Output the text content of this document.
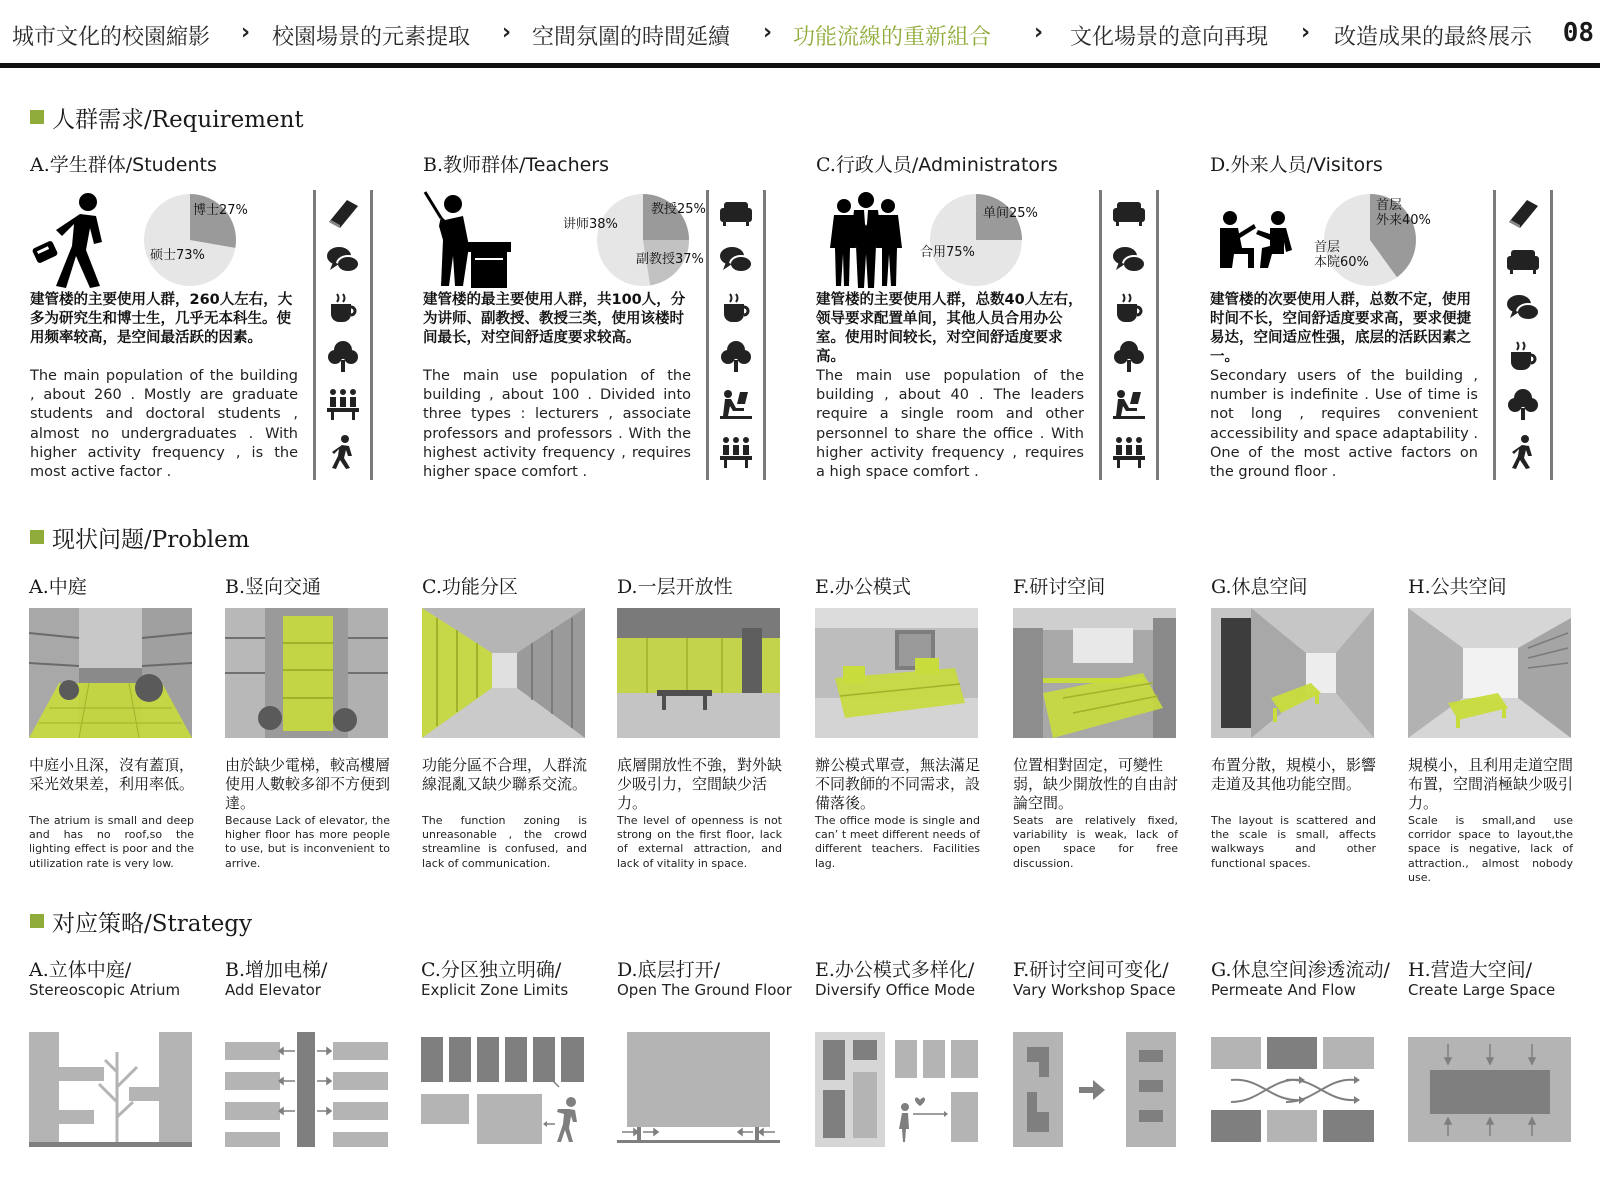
城市文化的校園縮影 › 校園場景的元素提取 › 空間氛圍的時間延續 › 功能流線的重新組合 › 文化場景的意向再現 › 改造成果的最終展示 08
人群需求/Requirement
A.学生群体/Students
博士27%
硕士73%
建管楼的主要使用人群，260人左右，大多为研究生和博士生，几乎无本科生。使用频率较高，是空间最活跃的因素。
The main population of the building , about 260 . Mostly are graduate students and doctoral students , almost no undergraduates . With higher activity frequency , is the most active factor .
B.教师群体/Teachers
教授25%
副教授37%
讲师38%
建管楼的最主要使用人群，共100人，分为讲师、副教授、教授三类，使用该楼时间最长，对空间舒适度要求较高。
The main use population of the building , about 100 . Divided into three types : lecturers , associate professors and professors . With the highest activity frequency , requires higher space comfort .
C.行政人员/Administrators
单间25%
合用75%
建管楼的主要使用人群，总数40人左右，领导要求配置单间，其他人员合用办公室。使用时间较长，对空间舒适度要求高。
The main use population of the building , about 40 . The leaders require a single room and other personnel to share the office . With higher activity frequency , requires a high space comfort .
D.外来人员/Visitors
首层
外来40%
首层
本院60%
建管楼的次要使用人群，总数不定，使用时间不长，空间舒适度要求高，要求便捷易达，空间适应性强，底层的活跃因素之一。
Secondary users of the building , number is indefinite . Use of time is not long , requires convenient accessibility and space adaptability . One of the most active factors on the ground floor .
现状问题/Problem
A.中庭
中庭小且深，沒有蓋頂，采光效果差，利用率低。
The atrium is small and deep and has no roof,so the lighting effect is poor and the utilization rate is very low.
B.竖向交通
由於缺少電梯，較高樓層使用人數較多卻不方便到達。
Because Lack of elevator, the higher floor has more people to use, but is inconvenient to arrive.
C.功能分区
功能分區不合理，人群流線混亂又缺少聯系交流。
The function zoning is unreasonable , the crowd streamline is confused, and lack of communication.
D.一层开放性
底層開放性不強，對外缺少吸引力，空間缺少活力。
The level of openness is not strong on the first floor, lack of external attraction, and lack of vitality in space.
E.办公模式
辦公模式單壹，無法滿足不同教師的不同需求，設備落後。
The office mode is single and can’ t meet different needs of different teachers. Facilities lag.
F.研讨空间
位置相對固定，可變性弱，缺少開放性的自由討論空間。
Seats are relatively fixed, variability is weak, lack of open space for free discussion.
G.休息空间
布置分散，規模小，影響走道及其他功能空間。
The layout is scattered and the scale is small, affects walkways and other functional spaces.
H.公共空间
規模小，且利用走道空間布置，空間消極缺少吸引力。
Scale is small,and use corridor space to layout,the space is negative, lack of attraction., almost nobody use.
对应策略/Strategy
A.立体中庭/
Stereoscopic Atrium
B.增加电梯/
Add Elevator
C.分区独立明确/
Explicit Zone Limits
D.底层打开/
Open The Ground Floor
E.办公模式多样化/
Diversify Office Mode
F.研讨空间可变化/
Vary Workshop Space
G.休息空间渗透流动/
Permeate And Flow
H.营造大空间/
Create Large Space
